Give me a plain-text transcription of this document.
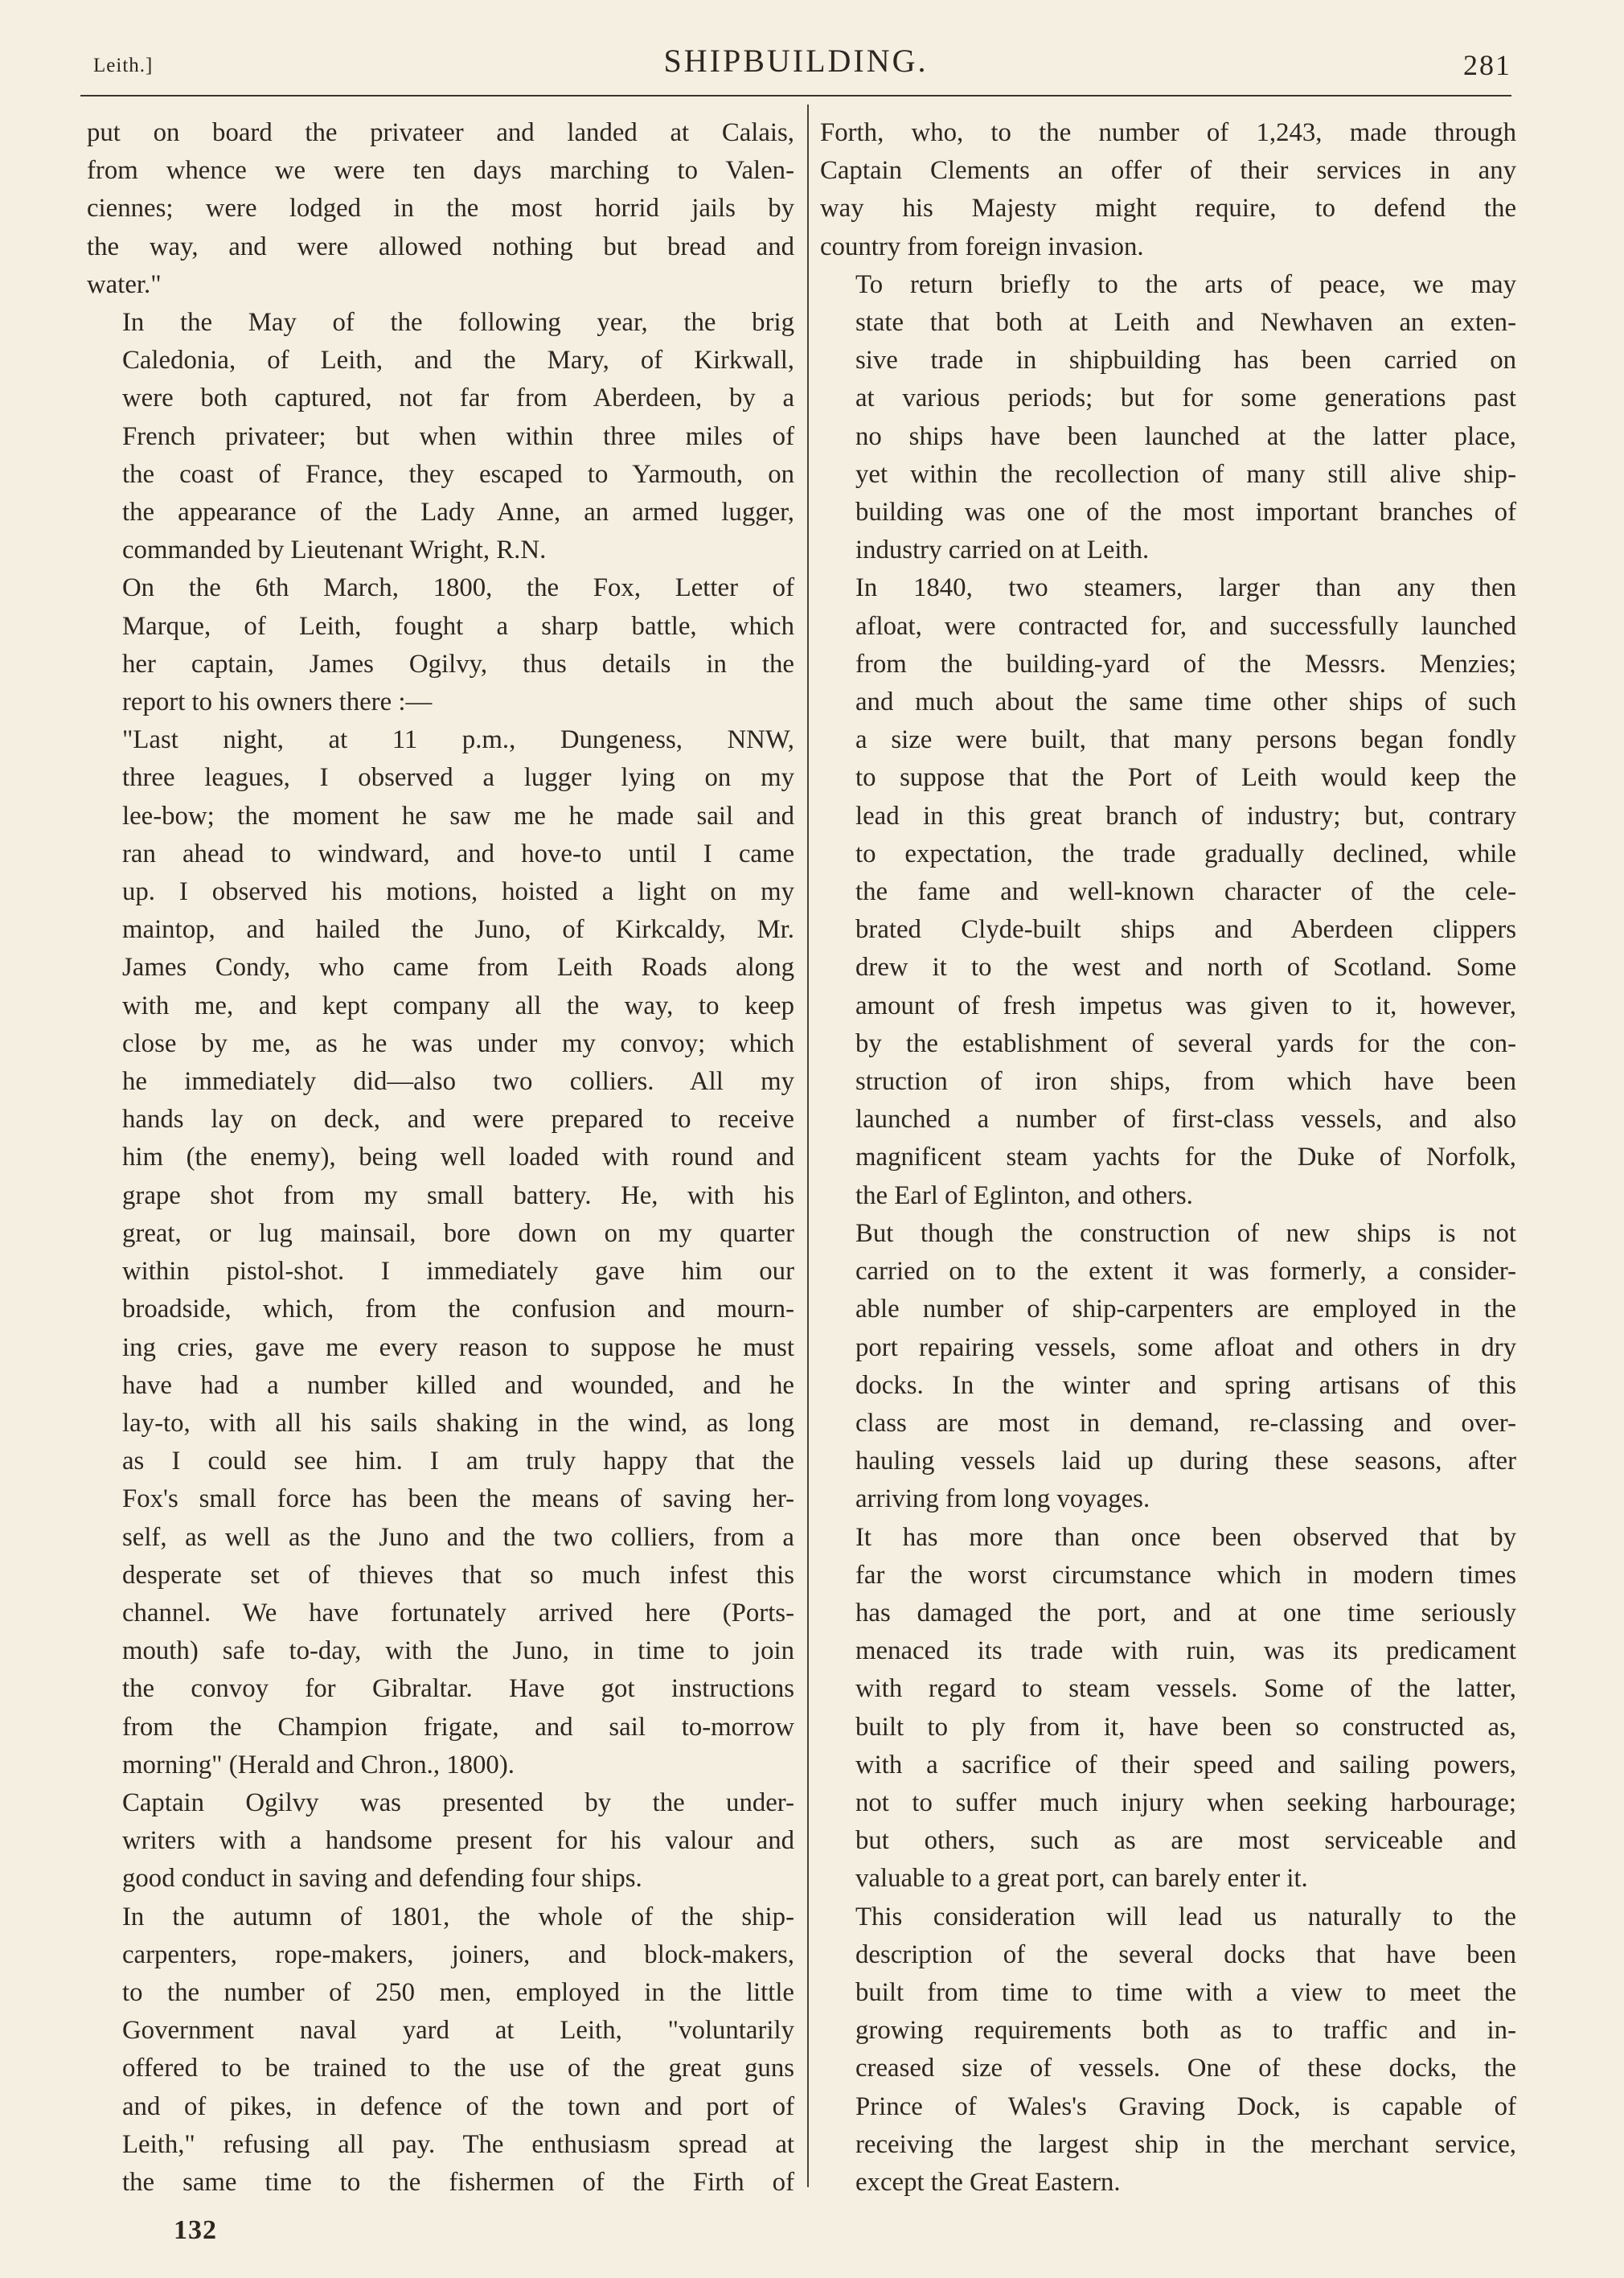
Leith.]	SHIPBUILDING.	281

put on board the privateer and landed at Calais,
from whence we were ten days marching to Valen-
ciennes; were lodged in the most horrid jails by
the way, and were allowed nothing but bread and
water."

In the May of the following year, the brig
Caledonia, of Leith, and the Mary, of Kirkwall,
were both captured, not far from Aberdeen, by a
French privateer; but when within three miles of
the coast of France, they escaped to Yarmouth, on
the appearance of the Lady Anne, an armed lugger,
commanded by Lieutenant Wright, R.N.

On the 6th March, 1800, the Fox, Letter of
Marque, of Leith, fought a sharp battle, which
her captain, James Ogilvy, thus details in the
report to his owners there :—

"Last night, at 11 p.m., Dungeness, NNW,
three leagues, I observed a lugger lying on my
lee-bow; the moment he saw me he made sail and
ran ahead to windward, and hove-to until I came
up. I observed his motions, hoisted a light on my
maintop, and hailed the Juno, of Kirkcaldy, Mr.
James Condy, who came from Leith Roads along
with me, and kept company all the way, to keep
close by me, as he was under my convoy; which
he immediately did—also two colliers. All my
hands lay on deck, and were prepared to receive
him (the enemy), being well loaded with round and
grape shot from my small battery. He, with his
great, or lug mainsail, bore down on my quarter
within pistol-shot. I immediately gave him our
broadside, which, from the confusion and mourn-
ing cries, gave me every reason to suppose he must
have had a number killed and wounded, and he
lay-to, with all his sails shaking in the wind, as long
as I could see him. I am truly happy that the
Fox's small force has been the means of saving her-
self, as well as the Juno and the two colliers, from a
desperate set of thieves that so much infest this
channel. We have fortunately arrived here (Ports-
mouth) safe to-day, with the Juno, in time to join
the convoy for Gibraltar. Have got instructions
from the Champion frigate, and sail to-morrow
morning" (Herald and Chron., 1800).

Captain Ogilvy was presented by the under-
writers with a handsome present for his valour and
good conduct in saving and defending four ships.

In the autumn of 1801, the whole of the ship-
carpenters, rope-makers, joiners, and block-makers,
to the number of 250 men, employed in the little
Government naval yard at Leith, "voluntarily
offered to be trained to the use of the great guns
and of pikes, in defence of the town and port of
Leith," refusing all pay. The enthusiasm spread at
the same time to the fishermen of the Firth of

Forth, who, to the number of 1,243, made through
Captain Clements an offer of their services in any
way his Majesty might require, to defend the
country from foreign invasion.

To return briefly to the arts of peace, we may
state that both at Leith and Newhaven an exten-
sive trade in shipbuilding has been carried on
at various periods; but for some generations past
no ships have been launched at the latter place,
yet within the recollection of many still alive ship-
building was one of the most important branches of
industry carried on at Leith.

In 1840, two steamers, larger than any then
afloat, were contracted for, and successfully launched
from the building-yard of the Messrs. Menzies;
and much about the same time other ships of such
a size were built, that many persons began fondly
to suppose that the Port of Leith would keep the
lead in this great branch of industry; but, contrary
to expectation, the trade gradually declined, while
the fame and well-known character of the cele-
brated Clyde-built ships and Aberdeen clippers
drew it to the west and north of Scotland. Some
amount of fresh impetus was given to it, however,
by the establishment of several yards for the con-
struction of iron ships, from which have been
launched a number of first-class vessels, and also
magnificent steam yachts for the Duke of Norfolk,
the Earl of Eglinton, and others.

But though the construction of new ships is not
carried on to the extent it was formerly, a consider-
able number of ship-carpenters are employed in the
port repairing vessels, some afloat and others in dry
docks. In the winter and spring artisans of this
class are most in demand, re-classing and over-
hauling vessels laid up during these seasons, after
arriving from long voyages.

It has more than once been observed that by
far the worst circumstance which in modern times
has damaged the port, and at one time seriously
menaced its trade with ruin, was its predicament
with regard to steam vessels. Some of the latter,
built to ply from it, have been so constructed as,
with a sacrifice of their speed and sailing powers,
not to suffer much injury when seeking harbourage;
but others, such as are most serviceable and
valuable to a great port, can barely enter it.

This consideration will lead us naturally to the
description of the several docks that have been
built from time to time with a view to meet the
growing requirements both as to traffic and in-
creased size of vessels. One of these docks, the
Prince of Wales's Graving Dock, is capable of
receiving the largest ship in the merchant service,
except the Great Eastern.

132
